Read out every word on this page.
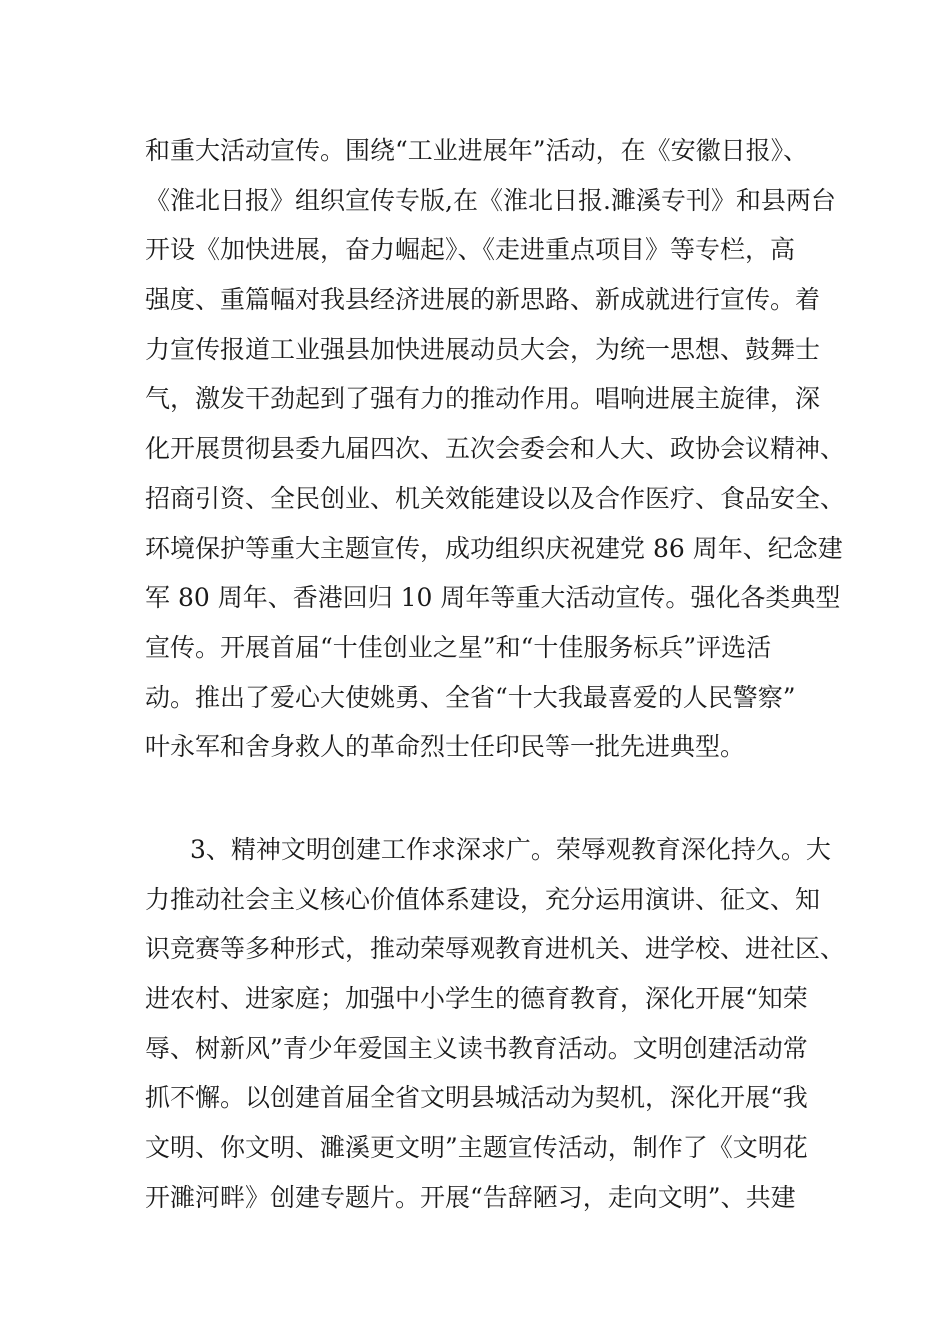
和重大活动宣传。围绕“工业进展年”活动，在《安徽日报》、
《淮北日报》组织宣传专版,在《淮北日报.濉溪专刊》和县两台
开设《加快进展，奋力崛起》、《走进重点项目》等专栏，高
强度、重篇幅对我县经济进展的新思路、新成就进行宣传。着
力宣传报道工业强县加快进展动员大会，为统一思想、鼓舞士
气，激发干劲起到了强有力的推动作用。唱响进展主旋律，深
化开展贯彻县委九届四次、五次会委会和人大、政协会议精神、
招商引资、全民创业、机关效能建设以及合作医疗、食品安全、
环境保护等重大主题宣传，成功组织庆祝建党 86 周年、纪念建
军 80 周年、香港回归 10 周年等重大活动宣传。强化各类典型
宣传。开展首届“十佳创业之星”和“十佳服务标兵”评选活
动。推出了爱心大使姚勇、全省“十大我最喜爱的人民警察”
叶永军和舍身救人的革命烈士任印民等一批先进典型。
3、精神文明创建工作求深求广。荣辱观教育深化持久。大
力推动社会主义核心价值体系建设，充分运用演讲、征文、知
识竞赛等多种形式，推动荣辱观教育进机关、进学校、进社区、
进农村、进家庭；加强中小学生的德育教育，深化开展“知荣
辱、树新风”青少年爱国主义读书教育活动。文明创建活动常
抓不懈。以创建首届全省文明县城活动为契机，深化开展“我
文明、你文明、濉溪更文明”主题宣传活动，制作了《文明花
开濉河畔》创建专题片。开展“告辞陋习，走向文明”、共建
